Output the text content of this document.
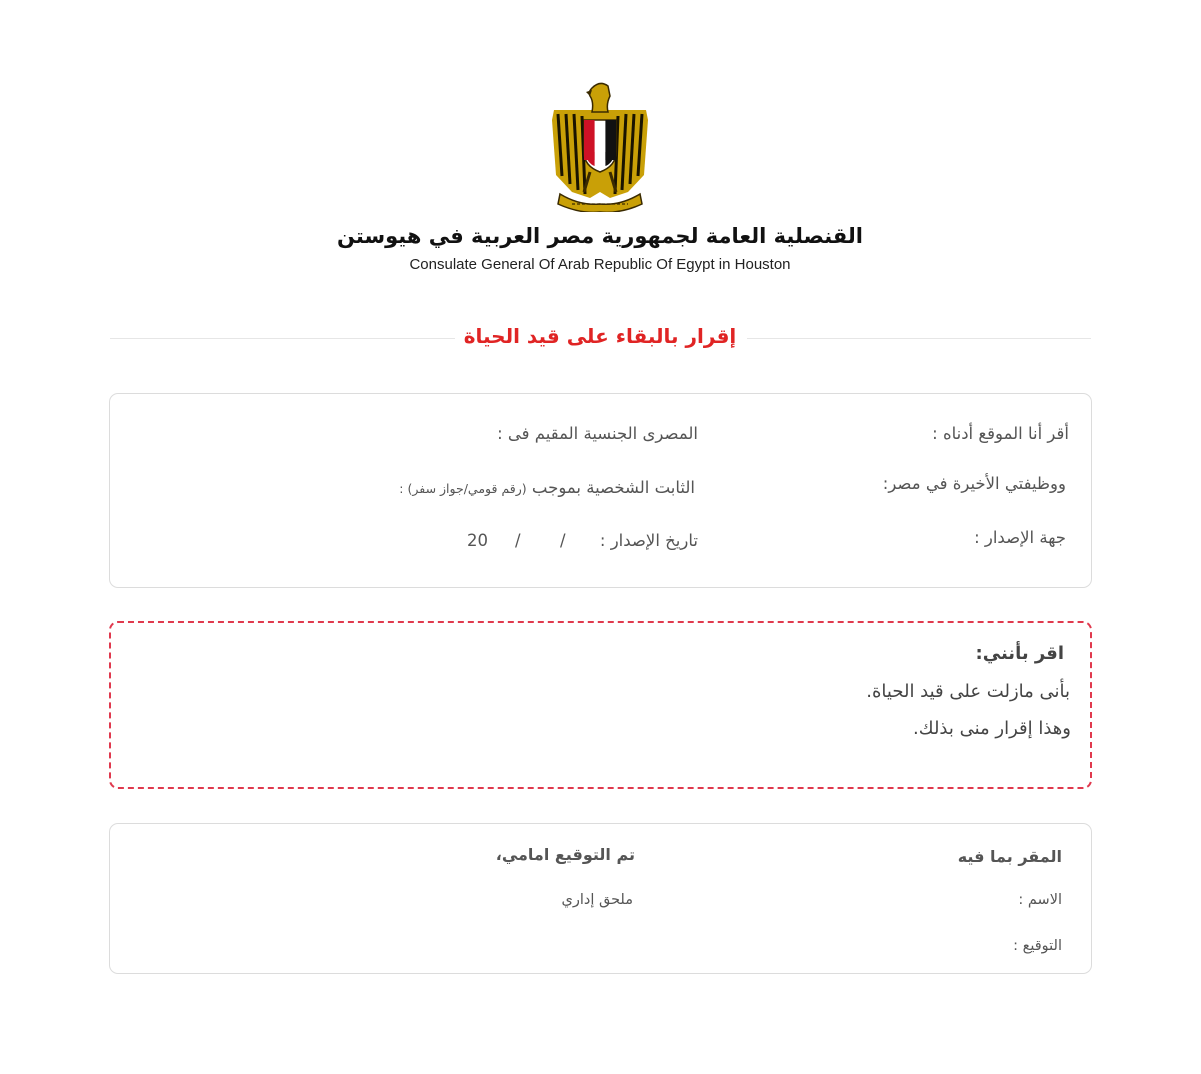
القنصلية العامة لجمهورية مصر العربية في هيوستن
Consulate General Of Arab Republic Of Egypt in Houston
إقرار بالبقاء على قيد الحياة
أقر أنا الموقع أدناه :
المصرى الجنسية المقيم فى :
ووظيفتي الأخيرة في مصر:
الثابت الشخصية بموجب (رقم قومي/جواز سفر) :
جهة الإصدار :
تاريخ الإصدار :
/
/
20
اقر بأنني:
بأنى مازلت على قيد الحياة.
وهذا إقرار منى بذلك.
المقر بما فيه
الاسم :
التوقيع :
تم التوقيع امامي،
ملحق إداري
